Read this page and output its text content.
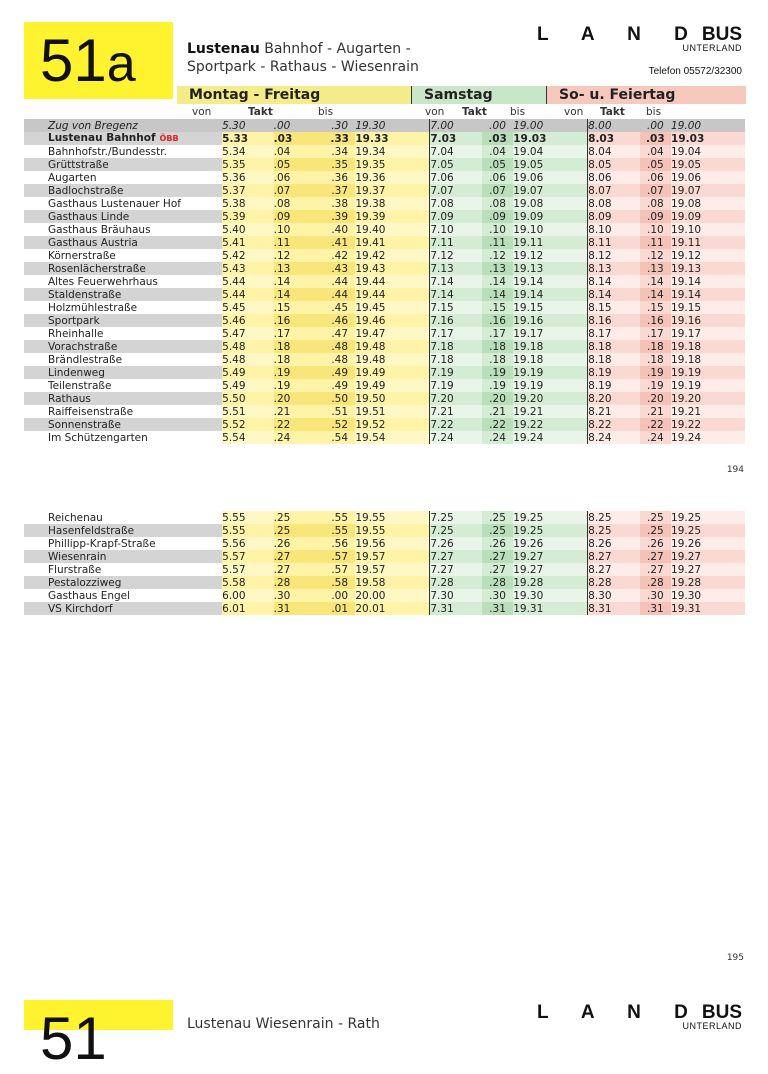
51a	Lustenau Bahnhof - Augarten -
Sportpark - Rathaus - Wiesenrain
L A N DBUS
UNTERLAND
Telefon 05572/32300
Montag - Freitag	Samstag	So- u. Feiertag
von	Takt	bis	von Takt bis	von Takt bis
Zug von Bregenz	5.30	.00	.30	19.30	7.00	.00	19.00	8.00	.00	19.00
Lustenau Bahnhof ÖBB	5.33	.03	.33	19.33	7.03	.03	19.03	8.03	.03	19.03
Bahnhofstr./Bundesstr.	5.34	.04	.34	19.34	7.04	.04	19.04	8.04	.04	19.04
Grüttstraße	5.35	.05	.35	19.35	7.05	.05	19.05	8.05	.05	19.05
Augarten	5.36	.06	.36	19.36	7.06	.06	19.06	8.06	.06	19.06
Badlochstraße	5.37	.07	.37	19.37	7.07	.07	19.07	8.07	.07	19.07
Gasthaus Lustenauer Hof	5.38	.08	.38	19.38	7.08	.08	19.08	8.08	.08	19.08
Gasthaus Linde	5.39	.09	.39	19.39	7.09	.09	19.09	8.09	.09	19.09
Gasthaus Bräuhaus	5.40	.10	.40	19.40	7.10	.10	19.10	8.10	.10	19.10
Gasthaus Austria	5.41	.11	.41	19.41	7.11	.11	19.11	8.11	.11	19.11
Körnerstraße	5.42	.12	.42	19.42	7.12	.12	19.12	8.12	.12	19.12
Rosenlächerstraße	5.43	.13	.43	19.43	7.13	.13	19.13	8.13	.13	19.13
Altes Feuerwehrhaus	5.44	.14	.44	19.44	7.14	.14	19.14	8.14	.14	19.14
Staldenstraße	5.44	.14	.44	19.44	7.14	.14	19.14	8.14	.14	19.14
Holzmühlestraße	5.45	.15	.45	19.45	7.15	.15	19.15	8.15	.15	19.15
Sportpark	5.46	.16	.46	19.46	7.16	.16	19.16	8.16	.16	19.16
Rheinhalle	5.47	.17	.47	19.47	7.17	.17	19.17	8.17	.17	19.17
Vorachstraße	5.48	.18	.48	19.48	7.18	.18	19.18	8.18	.18	19.18
Brändlestraße	5.48	.18	.48	19.48	7.18	.18	19.18	8.18	.18	19.18
Lindenweg	5.49	.19	.49	19.49	7.19	.19	19.19	8.19	.19	19.19
Teilenstraße	5.49	.19	.49	19.49	7.19	.19	19.19	8.19	.19	19.19
Rathaus	5.50	.20	.50	19.50	7.20	.20	19.20	8.20	.20	19.20
Raiffeisenstraße	5.51	.21	.51	19.51	7.21	.21	19.21	8.21	.21	19.21
Sonnenstraße	5.52	.22	.52	19.52	7.22	.22	19.22	8.22	.22	19.22
Im Schützengarten	5.54	.24	.54	19.54	7.24	.24	19.24	8.24	.24	19.24
194
Reichenau	5.55	.25	.55	19.55	7.25	.25	19.25	8.25	.25	19.25
Hasenfeldstraße	5.55	.25	.55	19.55	7.25	.25	19.25	8.25	.25	19.25
Phillipp-Krapf-Straße	5.56	.26	.56	19.56	7.26	.26	19.26	8.26	.26	19.26
Wiesenrain	5.57	.27	.57	19.57	7.27	.27	19.27	8.27	.27	19.27
Flurstraße	5.57	.27	.57	19.57	7.27	.27	19.27	8.27	.27	19.27
Pestalozziweg	5.58	.28	.58	19.58	7.28	.28	19.28	8.28	.28	19.28
Gasthaus Engel	6.00	.30	.00	20.00	7.30	.30	19.30	8.30	.30	19.30
VS Kirchdorf	6.01	.31	.01	20.01	7.31	.31	19.31	8.31	.31	19.31
195
51	Lustenau Wiesenrain - Rath
L A N DBUS
UNTERLAND
